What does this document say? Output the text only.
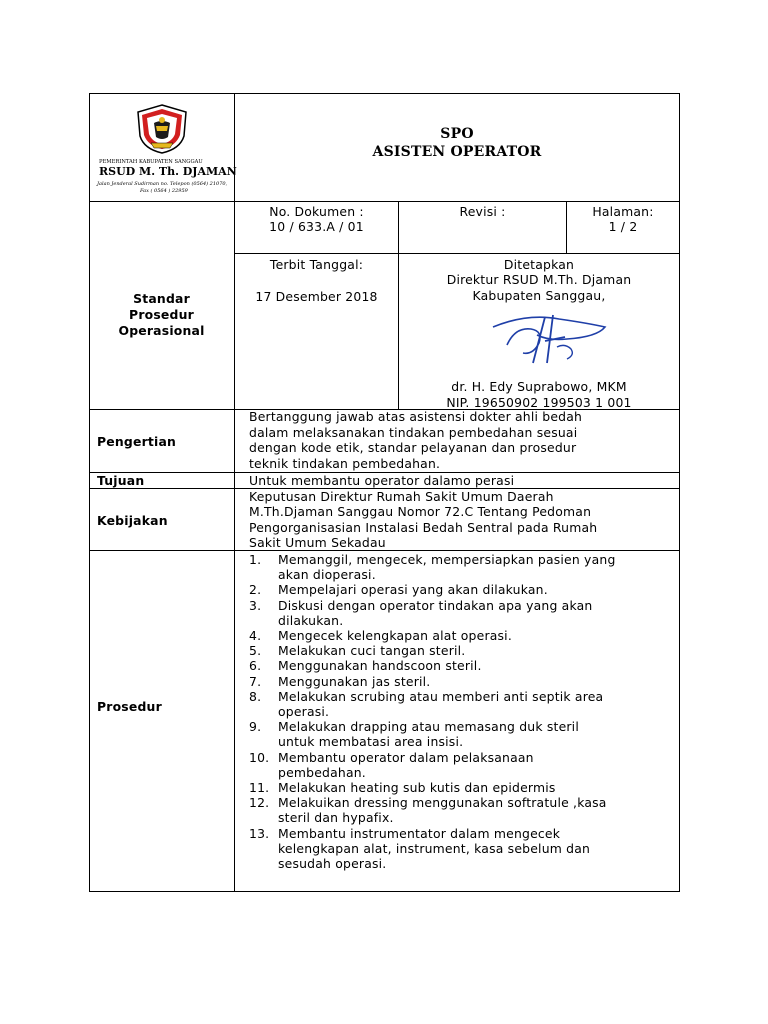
PEMERINTAH KABUPATEN SANGGAU
RSUD M. Th. DJAMAN
Jalan Jenderal Sudirman no. Telepon (0564) 21070,
Fax ( 0564 ) 22959
SPO
ASISTEN OPERATOR
Standar
Prosedur
Operasional
No. Dokumen :
10 / 633.A / 01
Revisi :	Halaman:
1 / 2
Terbit Tanggal:
17 Desember 2018
Ditetapkan
Direktur RSUD M.Th. Djaman
Kabupaten Sanggau,
dr. H. Edy Suprabowo, MKM
NIP. 19650902 199503 1 001
Pengertian
Bertanggung jawab atas asistensi dokter ahli bedah
dalam melaksanakan tindakan pembedahan sesuai
dengan kode etik, standar pelayanan dan prosedur
teknik tindakan pembedahan.
Tujuan	Untuk membantu operator dalamo perasi
Kebijakan
Keputusan Direktur Rumah Sakit Umum Daerah
M.Th.Djaman Sanggau Nomor 72.C Tentang Pedoman
Pengorganisasian Instalasi Bedah Sentral pada Rumah
Sakit Umum Sekadau
Prosedur
1. Memanggil, mengecek, mempersiapkan pasien yang
akan dioperasi.
2. Mempelajari operasi yang akan dilakukan.
3. Diskusi dengan operator tindakan apa yang akan
dilakukan.
4. Mengecek kelengkapan alat operasi.
5. Melakukan cuci tangan steril.
6. Menggunakan handscoon steril.
7. Menggunakan jas steril.
8. Melakukan scrubing atau memberi anti septik area
operasi.
9. Melakukan drapping atau memasang duk steril
untuk membatasi area insisi.
10. Membantu operator dalam pelaksanaan
pembedahan.
11. Melakukan heating sub kutis dan epidermis
12. Melakuikan dressing menggunakan softratule ,kasa
steril dan hypafix.
13. Membantu instrumentator dalam mengecek
kelengkapan alat, instrument, kasa sebelum dan
sesudah operasi.
